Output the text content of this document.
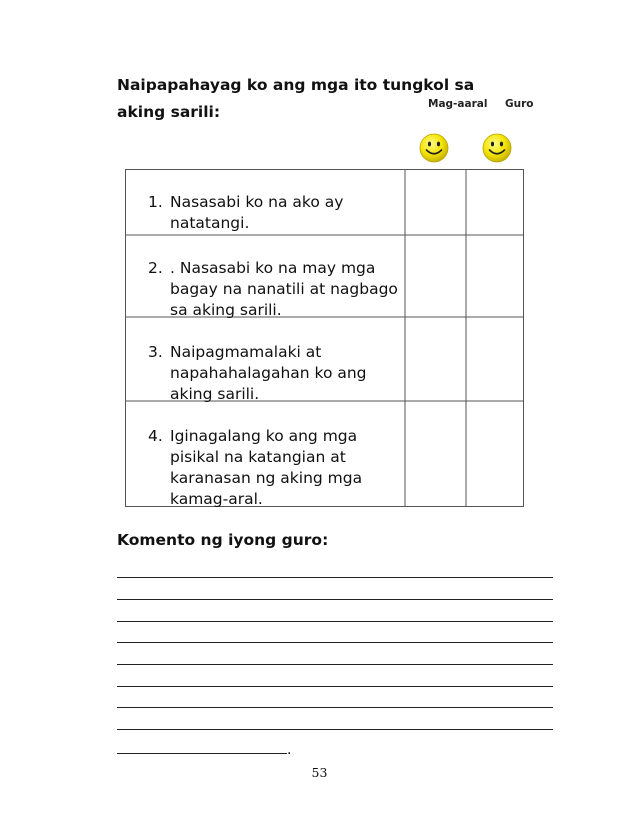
Naipapahayag ko ang mga ito tungkol sa aking sarili:	Mag-aaral Guro
1. Nasasabi ko na ako ay natatangi.
2. . Nasasabi ko na may mga bagay na nanatili at nagbago sa aking sarili.
3. Naipagmamalaki at napahahalagahan ko ang aking sarili.
4. Iginagalang ko ang mga pisikal na katangian at karanasan ng aking mga kamag-aral.
Komento ng iyong guro:
.
53
